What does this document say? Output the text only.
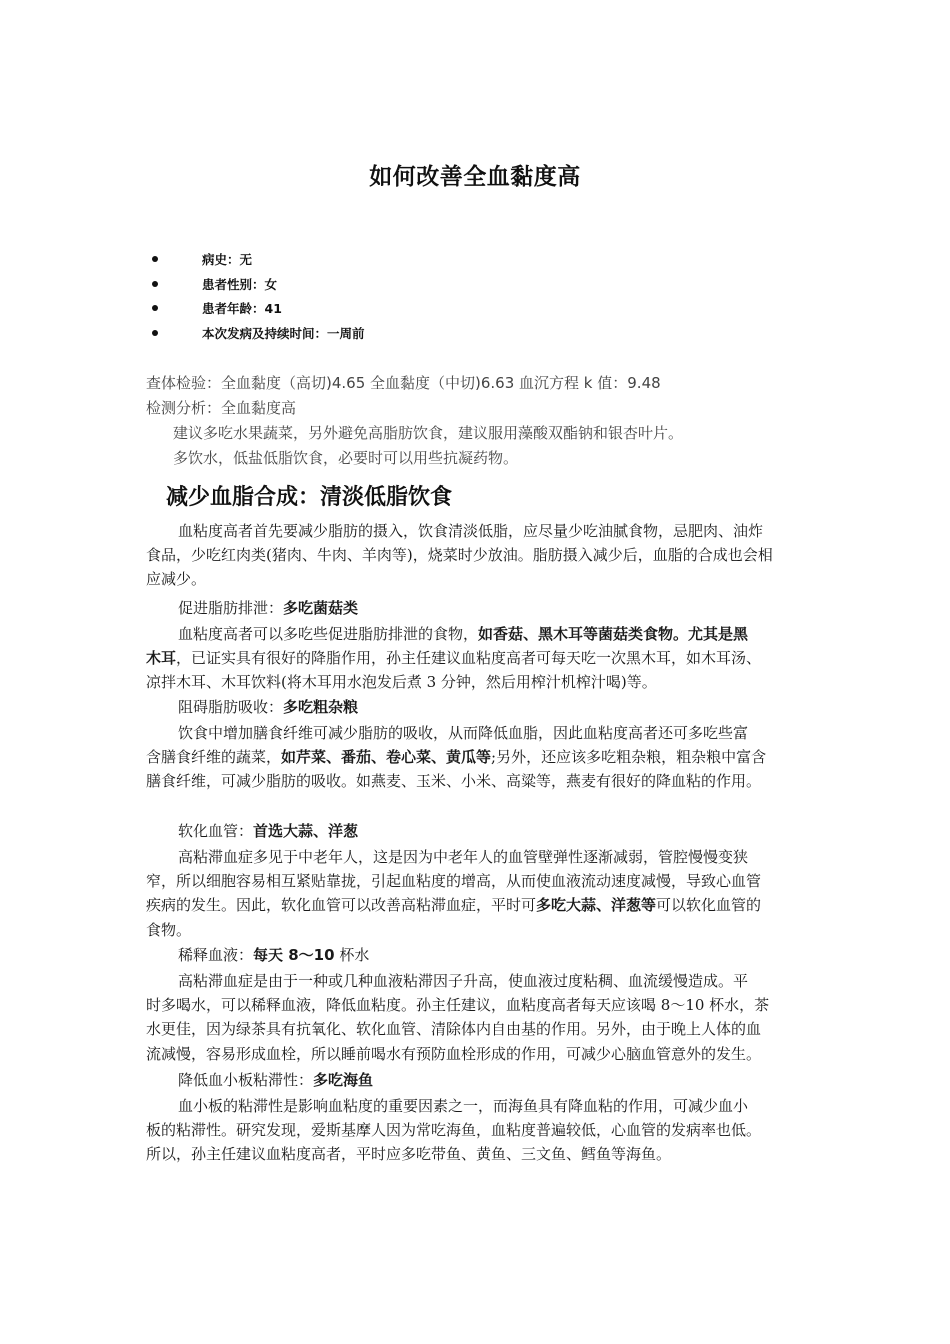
如何改善全血黏度高
病史：无
患者性别：女
患者年龄：41
本次发病及持续时间：一周前
查体检验：全血黏度（高切)4.65 全血黏度（中切)6.63 血沉方程 k 值：9.48
检测分析：全血黏度高
建议多吃水果蔬菜，另外避免高脂肪饮食，建议服用藻酸双酯钠和银杏叶片。
多饮水，低盐低脂饮食，必要时可以用些抗凝药物。
减少血脂合成：清淡低脂饮食
血粘度高者首先要减少脂肪的摄入，饮食清淡低脂，应尽量少吃油腻食物，忌肥肉、油炸
食品，少吃红肉类(猪肉、牛肉、羊肉等)，烧菜时少放油。脂肪摄入减少后，血脂的合成也会相
应减少。
促进脂肪排泄：多吃菌菇类
血粘度高者可以多吃些促进脂肪排泄的食物，如香菇、黑木耳等菌菇类食物。尤其是黑
木耳，已证实具有很好的降脂作用，孙主任建议血粘度高者可每天吃一次黑木耳，如木耳汤、
凉拌木耳、木耳饮料(将木耳用水泡发后煮 3 分钟，然后用榨汁机榨汁喝)等。
阻碍脂肪吸收：多吃粗杂粮
饮食中增加膳食纤维可减少脂肪的吸收，从而降低血脂，因此血粘度高者还可多吃些富
含膳食纤维的蔬菜，如芹菜、番茄、卷心菜、黄瓜等;另外，还应该多吃粗杂粮，粗杂粮中富含
膳食纤维，可减少脂肪的吸收。如燕麦、玉米、小米、高粱等，燕麦有很好的降血粘的作用。
软化血管：首选大蒜、洋葱
高粘滞血症多见于中老年人，这是因为中老年人的血管壁弹性逐渐减弱，管腔慢慢变狭
窄，所以细胞容易相互紧贴靠拢，引起血粘度的增高，从而使血液流动速度减慢，导致心血管
疾病的发生。因此，软化血管可以改善高粘滞血症，平时可多吃大蒜、洋葱等可以软化血管的
食物。
稀释血液：每天 8～10 杯水
高粘滞血症是由于一种或几种血液粘滞因子升高，使血液过度粘稠、血流缓慢造成。平
时多喝水，可以稀释血液，降低血粘度。孙主任建议，血粘度高者每天应该喝 8～10 杯水，茶
水更佳，因为绿茶具有抗氧化、软化血管、清除体内自由基的作用。另外，由于晚上人体的血
流减慢，容易形成血栓，所以睡前喝水有预防血栓形成的作用，可减少心脑血管意外的发生。
降低血小板粘滞性：多吃海鱼
血小板的粘滞性是影响血粘度的重要因素之一，而海鱼具有降血粘的作用，可减少血小
板的粘滞性。研究发现，爱斯基摩人因为常吃海鱼，血粘度普遍较低，心血管的发病率也低。
所以，孙主任建议血粘度高者，平时应多吃带鱼、黄鱼、三文鱼、鳕鱼等海鱼。
